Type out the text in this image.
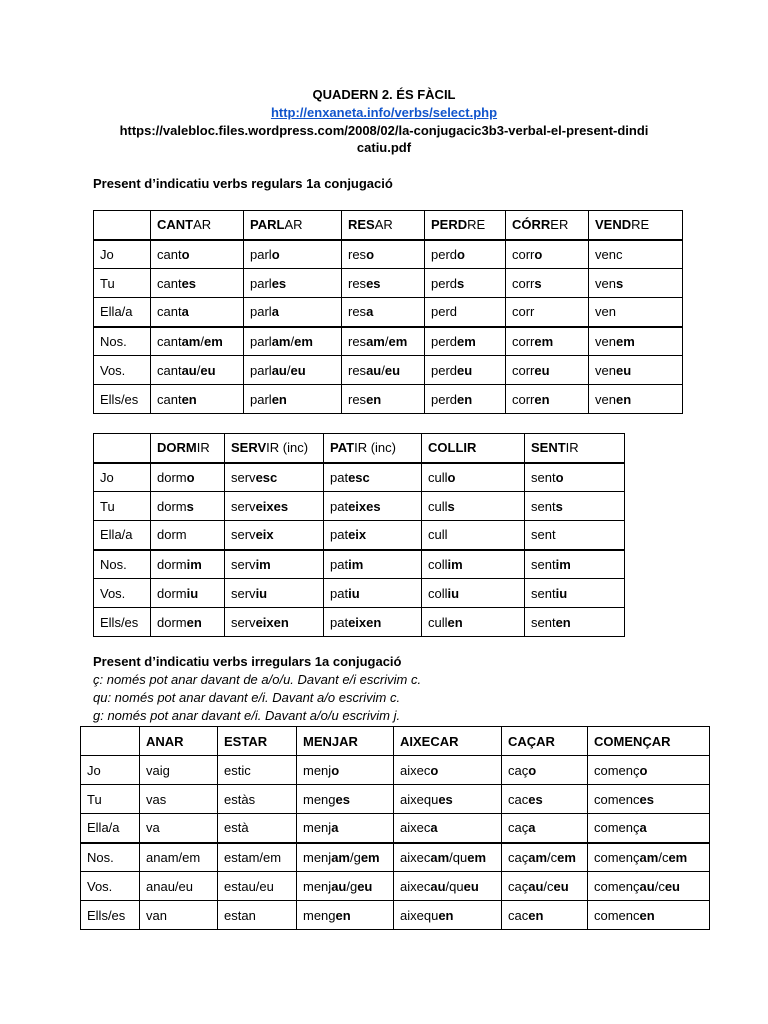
QUADERN 2. ÉS FÀCIL
http://enxaneta.info/verbs/select.php
https://valebloc.files.wordpress.com/2008/02/la-conjugacic3b3-verbal-el-present-dindi
catiu.pdf
Present d’indicatiu verbs regulars 1a conjugació
	CANTAR	PARLAR	RESAR	PERDRE	CÓRRER	VENDRE
Jo	canto	parlo	reso	perdo	corro	venc
Tu	cantes	parles	reses	perds	corrs	vens
Ella/a	canta	parla	resa	perd	corr	ven
Nos.	cantam/em	parlam/em	resam/em	perdem	correm	venem
Vos.	cantau/eu	parlau/eu	resau/eu	perdeu	correu	veneu
Ells/es	canten	parlen	resen	perden	corren	venen
	DORMIR	SERVIR (inc)	PATIR (inc)	COLLIR	SENTIR
Jo	dormo	servesc	patesc	cullo	sento
Tu	dorms	serveixes	pateixes	culls	sents
Ella/a	dorm	serveix	pateix	cull	sent
Nos.	dormim	servim	patim	collim	sentim
Vos.	dormiu	serviu	patiu	colliu	sentiu
Ells/es	dormen	serveixen	pateixen	cullen	senten
Present d’indicatiu verbs irregulars 1a conjugació
ç: només pot anar davant de a/o/u. Davant e/i escrivim c.
qu: només pot anar davant e/i. Davant a/o escrivim c.
g: només pot anar davant e/i. Davant a/o/u escrivim j.
	ANAR	ESTAR	MENJAR	AIXECAR	CAÇAR	COMENÇAR
Jo	vaig	estic	menjo	aixeco	caço	començo
Tu	vas	estàs	menges	aixeques	caces	comences
Ella/a	va	està	menja	aixeca	caça	comença
Nos.	anam/em	estam/em	menjam/gem	aixecam/quem	caçam/cem	començam/cem
Vos.	anau/eu	estau/eu	menjau/geu	aixecau/queu	caçau/ceu	començau/ceu
Ells/es	van	estan	mengen	aixequen	cacen	comencen
